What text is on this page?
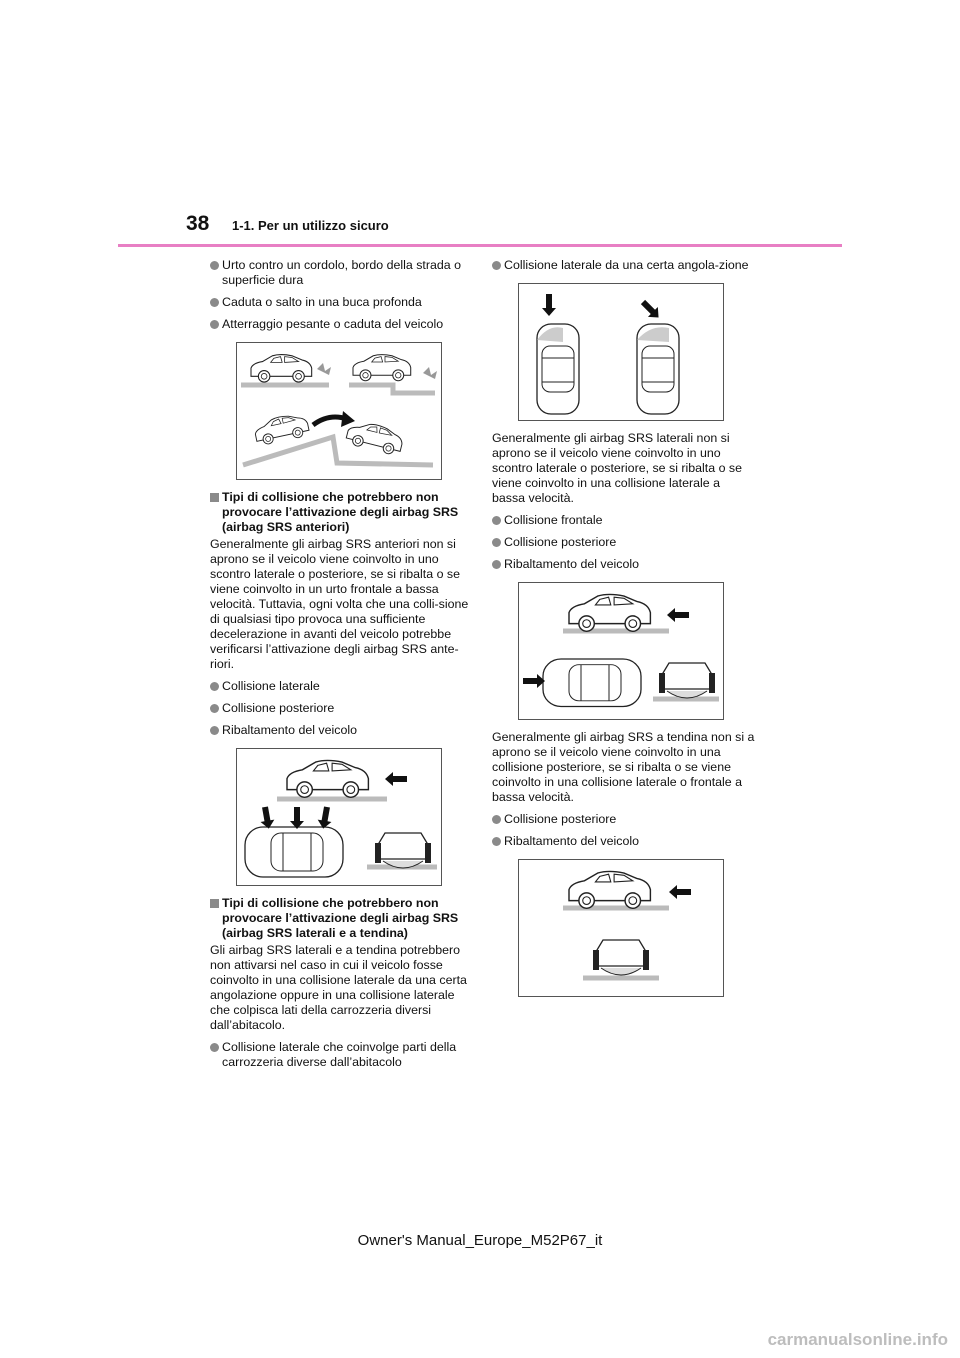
38 1-1. Per un utilizzo sicuro
Urto contro un cordolo, bordo della strada o superficie dura
Caduta o salto in una buca profonda
Atterraggio pesante o caduta del veicolo
Tipi di collisione che potrebbero non provocare l’attivazione degli airbag SRS (airbag SRS anteriori)
Generalmente gli airbag SRS anteriori non si aprono se il veicolo viene coinvolto in uno scontro laterale o posteriore, se si ribalta o se viene coinvolto in un urto frontale a bassa velocità. Tuttavia, ogni volta che una colli-sione di qualsiasi tipo provoca una sufficiente decelerazione in avanti del veicolo potrebbe verificarsi l’attivazione degli airbag SRS ante-riori.
Collisione laterale
Collisione posteriore
Ribaltamento del veicolo
Tipi di collisione che potrebbero non provocare l’attivazione degli airbag SRS (airbag SRS laterali e a tendina)
Gli airbag SRS laterali e a tendina potrebbero non attivarsi nel caso in cui il veicolo fosse coinvolto in una collisione laterale da una certa angolazione oppure in una collisione laterale che colpisca lati della carrozzeria diversi dall’abitacolo.
Collisione laterale che coinvolge parti della carrozzeria diverse dall’abitacolo
Collisione laterale da una certa angola-zione
Generalmente gli airbag SRS laterali non si aprono se il veicolo viene coinvolto in uno scontro laterale o posteriore, se si ribalta o se viene coinvolto in una collisione laterale a bassa velocità.
Collisione frontale
Collisione posteriore
Ribaltamento del veicolo
Generalmente gli airbag SRS a tendina non si a aprono se il veicolo viene coinvolto in una collisione posteriore, se si ribalta o se viene coinvolto in una collisione laterale o frontale a bassa velocità.
Collisione posteriore
Ribaltamento del veicolo
Owner's Manual_Europe_M52P67_it
carmanualsonline.info
